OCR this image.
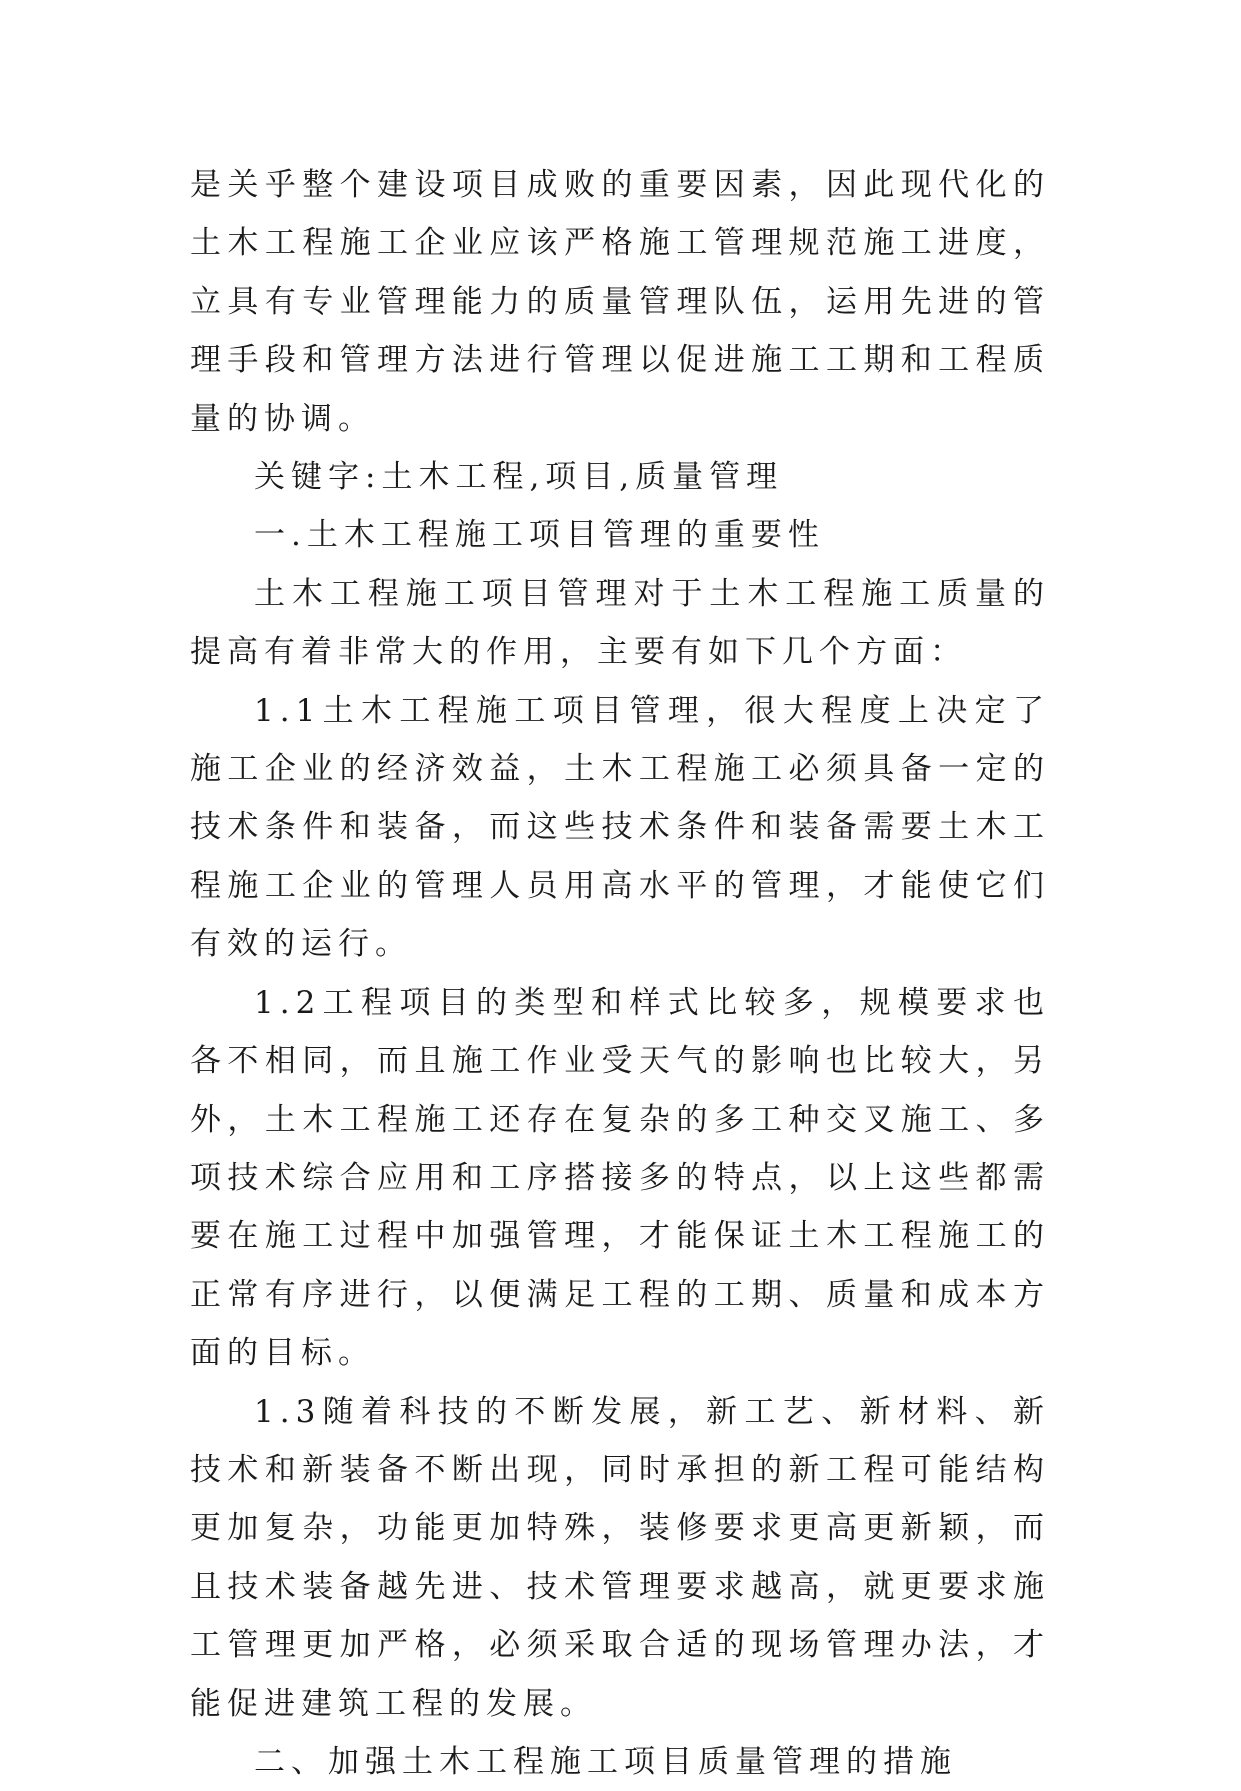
是关乎整个建设项目成败的重要因素，因此现代化的土木工程施工企业应该严格施工管理规范施工进度，立具有专业管理能力的质量管理队伍，运用先进的管理手段和管理方法进行管理以促进施工工期和工程质量的协调。

关键字:土木工程,项目,质量管理

一.土木工程施工项目管理的重要性

土木工程施工项目管理对于土木工程施工质量的提高有着非常大的作用，主要有如下几个方面：

1.1土木工程施工项目管理，很大程度上决定了施工企业的经济效益，土木工程施工必须具备一定的技术条件和装备，而这些技术条件和装备需要土木工程施工企业的管理人员用高水平的管理，才能使它们有效的运行。

1.2工程项目的类型和样式比较多，规模要求也各不相同，而且施工作业受天气的影响也比较大，另外，土木工程施工还存在复杂的多工种交叉施工、多项技术综合应用和工序搭接多的特点，以上这些都需要在施工过程中加强管理，才能保证土木工程施工的正常有序进行，以便满足工程的工期、质量和成本方面的目标。

1.3随着科技的不断发展，新工艺、新材料、新技术和新装备不断出现，同时承担的新工程可能结构更加复杂，功能更加特殊，装修要求更高更新颖，而且技术装备越先进、技术管理要求越高，就更要求施工管理更加严格，必须采取合适的现场管理办法，才能促进建筑工程的发展。

二、加强土木工程施工项目质量管理的措施
